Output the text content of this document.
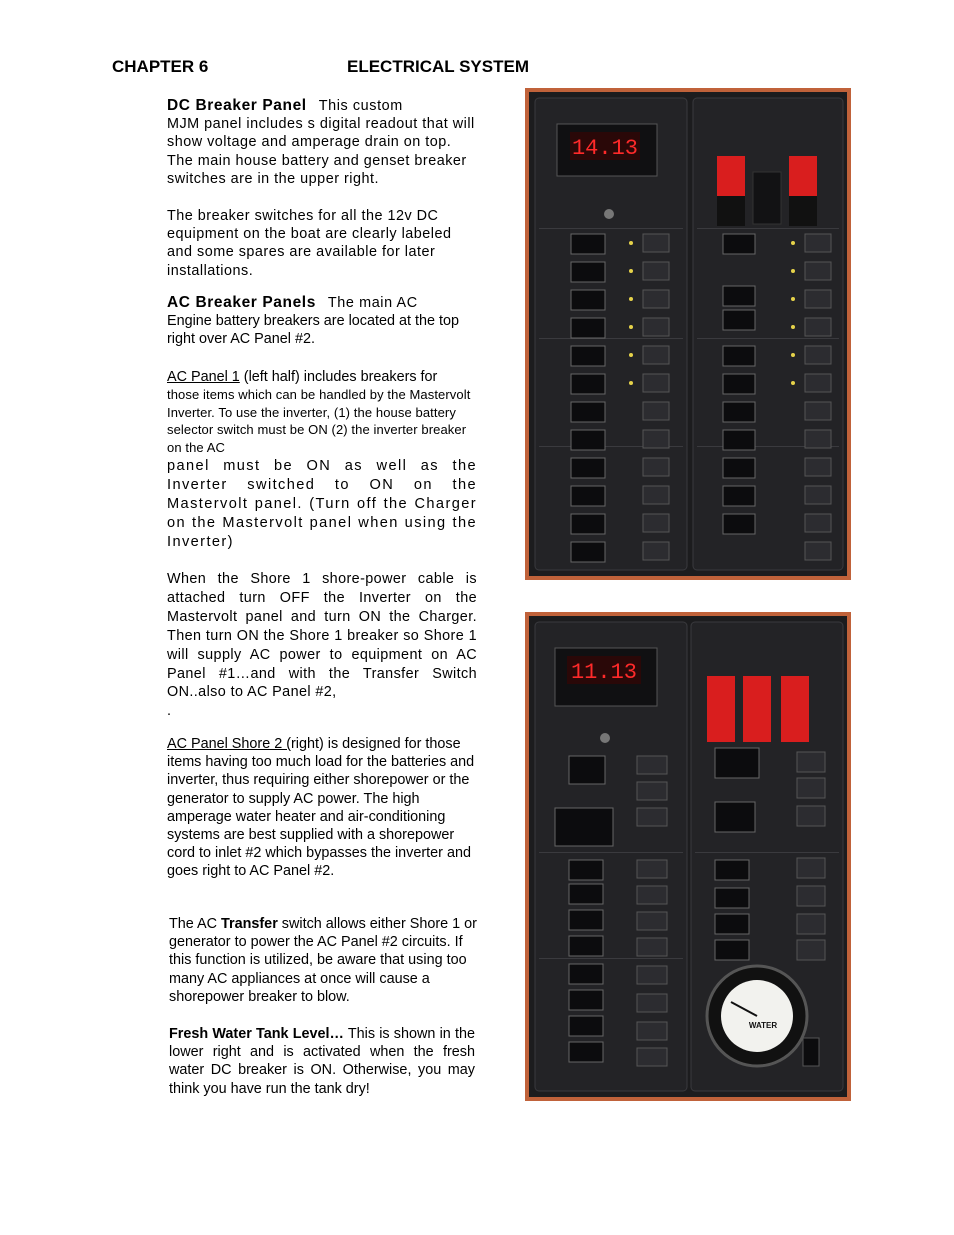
CHAPTER 6	ELECTRICAL SYSTEM

DC Breaker Panel This custom

MJM panel includes s digital readout that will show voltage and amperage drain on top. The main house battery and genset breaker switches are in the upper right.

The breaker switches for all the 12v DC equipment on the boat are clearly labeled and some spares are available for later installations.

AC Breaker Panels The main AC

Engine battery breakers are located at the top right over AC Panel #2.

AC Panel 1 (left half) includes breakers for

those items which can be handled by the Mastervolt Inverter. To use the inverter, (1) the house battery selector switch must be ON (2) the inverter breaker on the AC

panel must be ON as well as the Inverter switched to ON on the Mastervolt panel. (Turn off the Charger on the Mastervolt panel when using the Inverter)

When the Shore 1 shore-power cable is attached turn OFF the Inverter on the Mastervolt panel and turn ON the Charger. Then turn ON the Shore 1 breaker so Shore 1 will supply AC power to equipment on AC Panel #1…and with the Transfer Switch ON..also to AC Panel #2,

.

AC Panel Shore 2 (right) is designed for those items having too much load for the batteries and inverter, thus requiring either shorepower or the generator to supply AC power. The high amperage water heater and air-conditioning systems are best supplied with a shorepower cord to inlet #2 which bypasses the inverter and goes right to AC Panel #2.

The AC Transfer switch allows either Shore 1 or generator to power the AC Panel #2 circuits. If this function is utilized, be aware that using too many AC appliances at once will cause a shorepower breaker to blow.

Fresh Water Tank Level… This is shown in the lower right and is activated when the fresh water DC breaker is ON. Otherwise, you may think you have run the tank dry!

14.13
11.13
WATER
